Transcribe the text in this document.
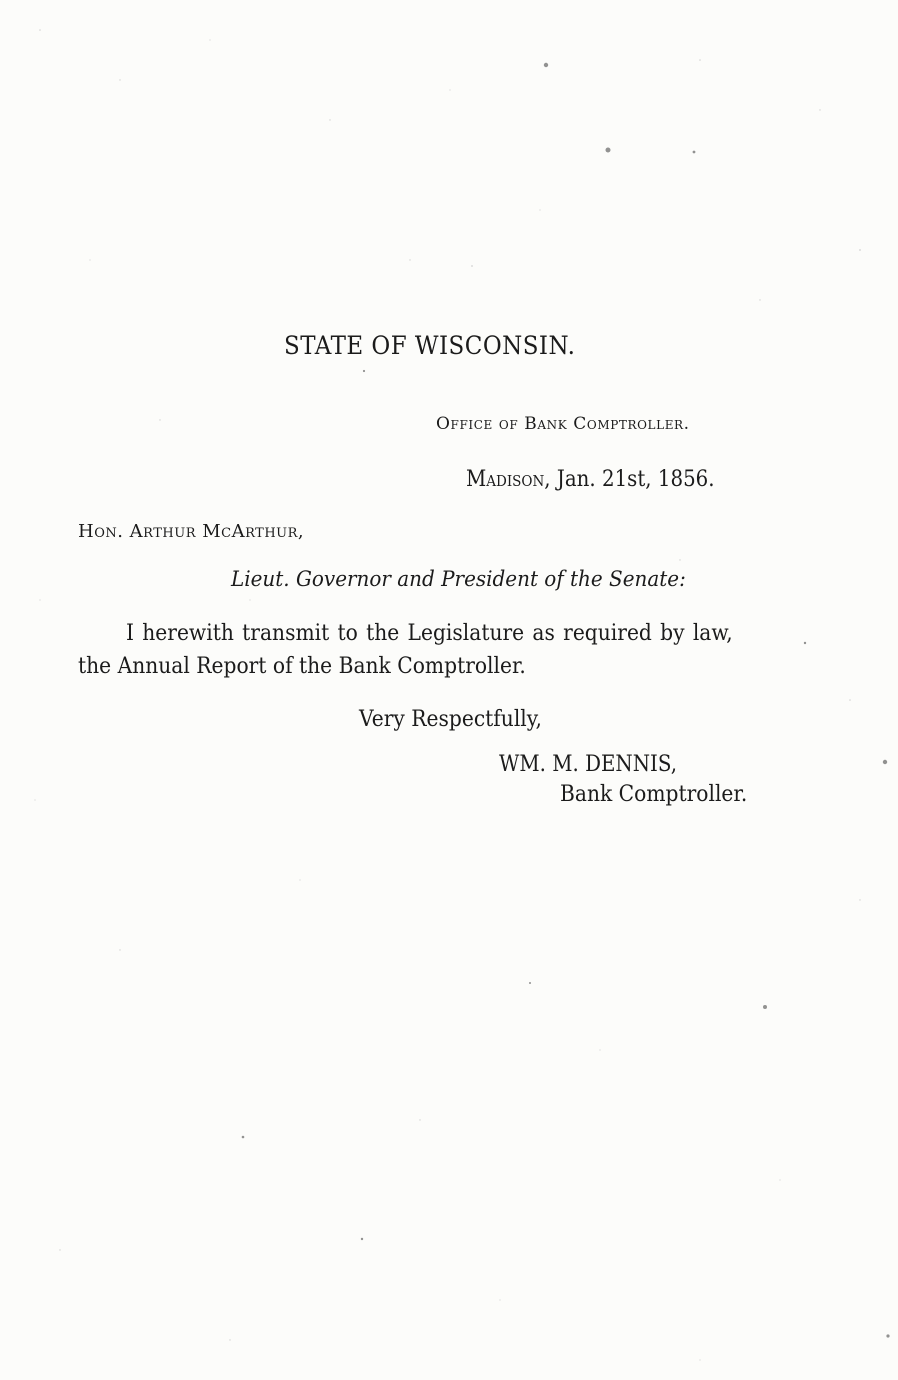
STATE OF WISCONSIN.
Office of Bank Comptroller.
Madison, Jan. 21st, 1856.
Hon. Arthur McArthur,
Lieut. Governor and President of the Senate:
I herewith transmit to the Legislature as required by law,
the Annual Report of the Bank Comptroller.
Very Respectfully,
WM. M. DENNIS,
Bank Comptroller.
